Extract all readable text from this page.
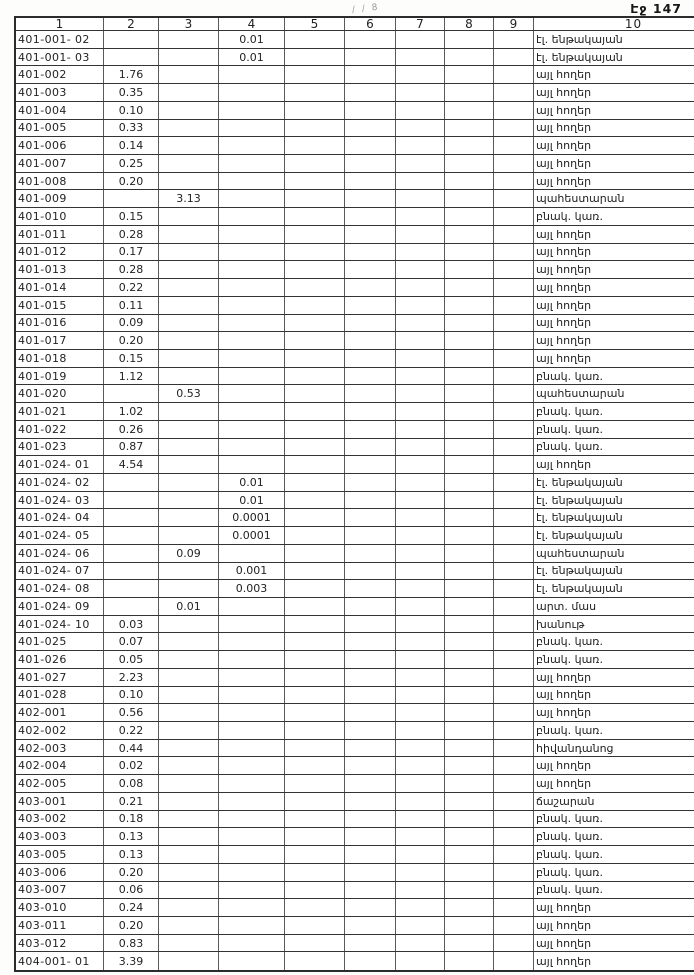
Էջ 147
/ / 8
1	2	3	4	5	6	7	8	9	10
401-001- 02			0.01						էլ. ենթակայան
401-001- 03			0.01						էլ. ենթակայան
401-002	1.76								այլ հողեր
401-003	0.35								այլ հողեր
401-004	0.10								այլ հողեր
401-005	0.33								այլ հողեր
401-006	0.14								այլ հողեր
401-007	0.25								այլ հողեր
401-008	0.20								այլ հողեր
401-009		3.13							պահեստարան
401-010	0.15								բնակ. կառ.
401-011	0.28								այլ հողեր
401-012	0.17								այլ հողեր
401-013	0.28								այլ հողեր
401-014	0.22								այլ հողեր
401-015	0.11								այլ հողեր
401-016	0.09								այլ հողեր
401-017	0.20								այլ հողեր
401-018	0.15								այլ հողեր
401-019	1.12								բնակ. կառ.
401-020		0.53							պահեստարան
401-021	1.02								բնակ. կառ.
401-022	0.26								բնակ. կառ.
401-023	0.87								բնակ. կառ.
401-024- 01	4.54								այլ հողեր
401-024- 02			0.01						էլ. ենթակայան
401-024- 03			0.01						էլ. ենթակայան
401-024- 04			0.0001						էլ. ենթակայան
401-024- 05			0.0001						էլ. ենթակայան
401-024- 06		0.09							պահեստարան
401-024- 07			0.001						էլ. ենթակայան
401-024- 08			0.003						էլ. ենթակայան
401-024- 09		0.01							արտ. մաս
401-024- 10	0.03								խանութ
401-025	0.07								բնակ. կառ.
401-026	0.05								բնակ. կառ.
401-027	2.23								այլ հողեր
401-028	0.10								այլ հողեր
402-001	0.56								այլ հողեր
402-002	0.22								բնակ. կառ.
402-003	0.44								հիվանդանոց
402-004	0.02								այլ հողեր
402-005	0.08								այլ հողեր
403-001	0.21								ճաշարան
403-002	0.18								բնակ. կառ.
403-003	0.13								բնակ. կառ.
403-005	0.13								բնակ. կառ.
403-006	0.20								բնակ. կառ.
403-007	0.06								բնակ. կառ.
403-010	0.24								այլ հողեր
403-011	0.20								այլ հողեր
403-012	0.83								այլ հողեր
404-001- 01	3.39								այլ հողեր
